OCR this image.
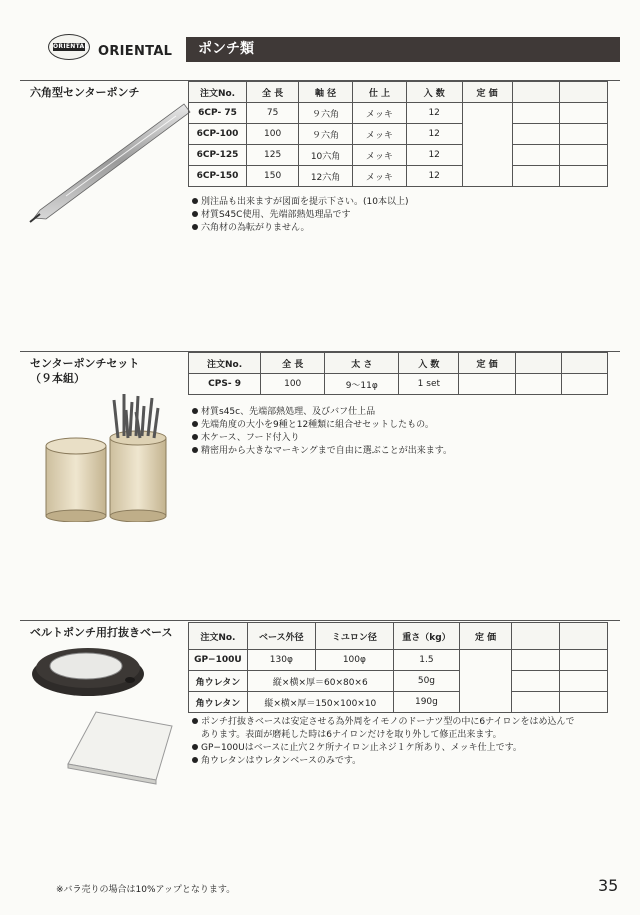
ORIENTAL ORIENTAL	ポンチ類
六角型センターポンチ	注文No.	全 長	軸 径	仕 上	入 数	定 価		
6CP- 75	75	９六角	メッキ	12			
6CP-100	100	９六角	メッキ	12			
6CP-125	125	10六角	メッキ	12			
6CP-150	150	12六角	メッキ	12			
別注品も出来ますが図面を提示下さい。(10本以上)
材質S45C使用、先端部熱処理品です
六角材の為転がりません。
センターポンチセット
（９本組）
注文No.	全 長	太 さ	入 数	定 価		
CPS- 9	100	9〜11φ	1 set			
材質s45c、先端部熱処理、及びバフ仕上品
先端角度の大小を9種と12種類に組合せセットしたもの。
木ケース、フード付入り
精密用から大きなマーキングまで自由に選ぶことが出来ます。
ベルトポンチ用打抜きベース	注文No.	ベース外径	ミユロン径	重さ（kg）	定 価		
GP−100U	130φ	100φ	1.5			
角ウレタン	縦×横×厚＝60×80×6		50g			
角ウレタン	縦×横×厚＝150×100×10		190g			
ポンチ打抜きベースは安定させる為外周をイモノのドーナツ型の中に6ナイロンをはめ込んで
あります。表面が磨耗した時は6ナイロンだけを取り外して修正出来ます。
GP−100Uはベースに止穴２ケ所ナイロン止ネジ１ケ所あり、メッキ仕上です。
角ウレタンはウレタンベースのみです。
※バラ売りの場合は10%アップとなります。	35
